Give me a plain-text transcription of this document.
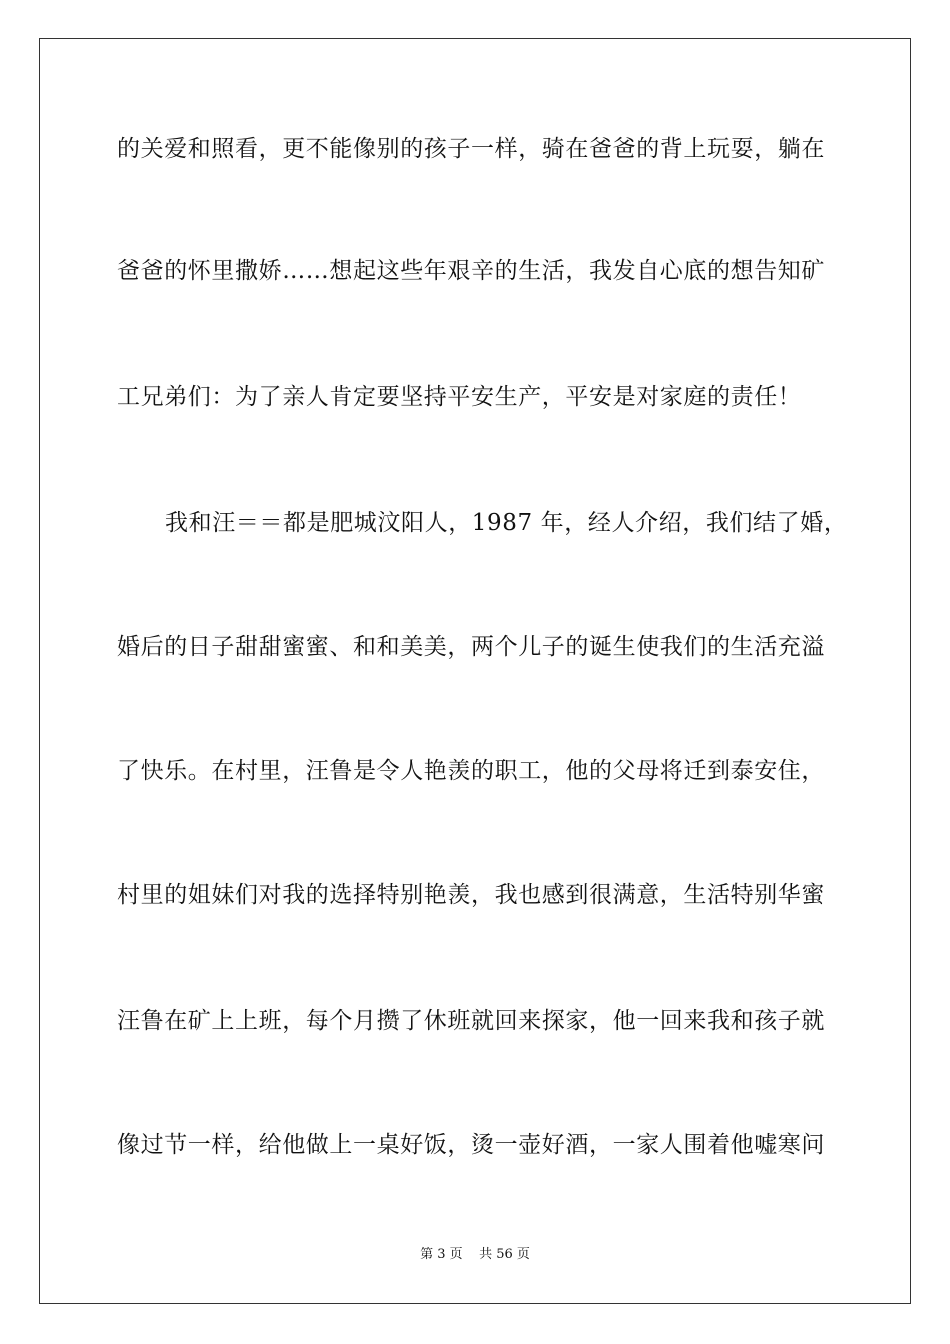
的关爱和照看，更不能像别的孩子一样，骑在爸爸的背上玩耍，躺在
爸爸的怀里撒娇……想起这些年艰辛的生活，我发自心底的想告知矿
工兄弟们：为了亲人肯定要坚持平安生产，平安是对家庭的责任！
我和汪＝＝都是肥城汶阳人，1987 年，经人介绍，我们结了婚，
婚后的日子甜甜蜜蜜、和和美美，两个儿子的诞生使我们的生活充溢
了快乐。在村里，汪鲁是令人艳羡的职工，他的父母将迁到泰安住，
村里的姐妹们对我的选择特别艳羡，我也感到很满意，生活特别华蜜
汪鲁在矿上上班，每个月攒了休班就回来探家，他一回来我和孩子就
像过节一样，给他做上一桌好饭，烫一壶好酒，一家人围着他嘘寒问
第 3 页    共 56 页
